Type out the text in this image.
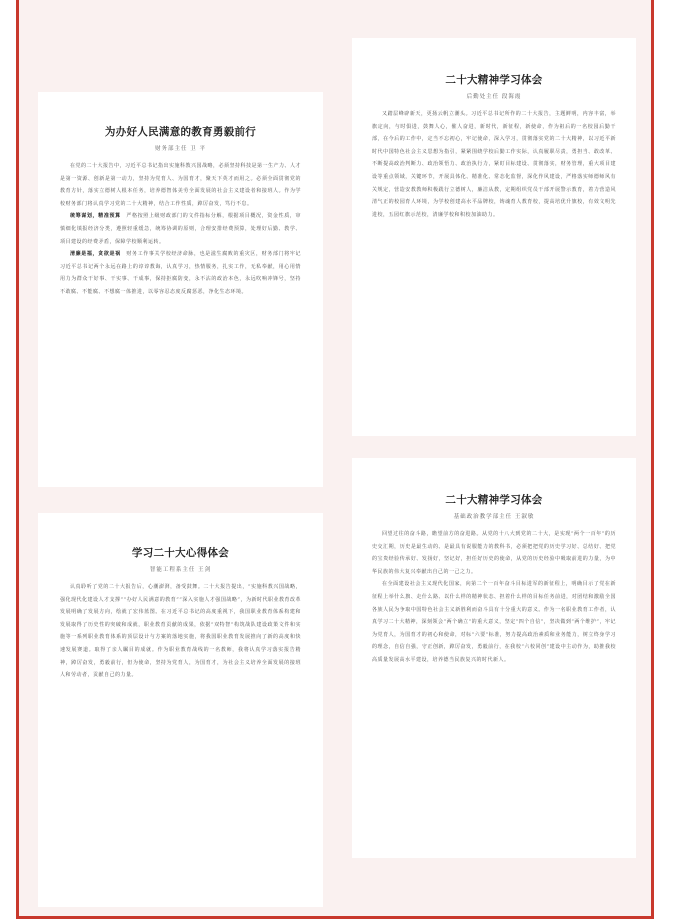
为办好人民满意的教育勇毅前行
财务部主任 卫 平

在党的二十大报告中，习近平总书记指出实施科教兴国战略，必须坚持科技是第一生产力、人才是第一资源、创新是第一动力，坚持为党育人、为国育才，聚天下英才而用之。必须全面贯彻党的教育方针，落实立德树人根本任务，培养德智体美劳全面发展的社会主义建设者和接班人。作为学校财务部门将认真学习党的二十大精神，结合工作性质，踔厉奋发，笃行不怠。

统筹谋划，精准预算  严格按照上级财政部门的文件指标分解，根据项目概况，资金性质，审慎细化填报经济分类，遵照轻重缓急，统筹协调的原则，合理安排经费预算，处理好后勤、教学、项目建设的经费矛盾，保障学校顺利运转。

清廉是福，贪欲是祸  财务工作事关学校经济命脉，也是滋生腐败的重灾区，财务部门将牢记习近平总书记两个永远在路上的谆谆教诲，认真学习，热情服务，扎实工作，无私奉献，用心用情用力为群众干好事、干实事、干成事，保持拒腐防变，永不沾的政治本色，永远吹响冲锋号，坚持不敢腐、不能腐、不想腐一体推进，以零容忍态度反腐惩恶，净化生态环境。

二十大精神学习体会
后勤处主任 段海霞

又踏层峰辟新天，更扬云帆立潮头。习近平总书记所作的二十大报告，主题鲜明，内容丰富，举旗定向，与时俱进，鼓舞人心，催人奋进，新时代，新征程，新使命，作为祖后的一名校园后勤干部，在今后的工作中，定当不忘初心，牢记使命，深入学习，贯彻落实党的二十大精神，以习近平新时代中国特色社会主义思想为指引，紧紧围绕学校后勤工作实际，认真履职尽责，勇担当、敢改革、不断提高政治判断力、政治领悟力、政治执行力，紧盯目标建设、贯彻落实，财务管理，重大项目建设等重点领域，关键环节，开展具体化、精准化、常态化监督，深化作风建设，严格落实师德师风有关规定，营造安教教师积极践行立德树人，廉洁从教，定期组织党员干部开展警示教育，着力营造风清气正的校园育人环境，为学校创建高水平品牌校，铸魂育人教育校，提高培优升旗校，有效文明先进校，五园红旗示范校，清廉学校和积校加油助力。

学习二十大心得体会
智能工程系主任 王剑

认真聆听了党的二十大报告后，心潮澎湃，备受鼓舞。二十大报告提出，“实施科教兴国战略，强化现代化建设人才支撑”“办好人民满意的教育”“深入实施人才强国战略”，为新时代职业教育改革发展明确了发展方向，绘就了宏伟蓝图。在习近平总书记的高度重视下，我国职业教育体系构建和发展取得了历史性的突破和成就，职业教育贡献的成果，依据“双特智”构筑战队建设政策文件和实施等一系列职业教育体系的顶层设计与方案的落地实施，将我国职业教育发展推向了新的高度和快速发展赛道。取得了亲人瞩目的成就。作为职业教育战线的一名教师，我将认真学习落实报告精神，踔厉奋发，勇毅前行，但为使命，坚持为党育人，为国育才，为社会主义培养全面发展的接班人和劳动者，贡献自己的力量。

二十大精神学习体会
基础政治教学部主任 王淑敏

回望过往的奋斗路，瞻望前方的奋进路。从党的十八大到党的二十大，是实现“两个一百年”的历史交汇期，历史是最生动的、是最具有说服能力的教科书，必须把把党的历史学习好、总结好、把党的宝贵经验传承好、发扬好，坚记好，担任好历史的使命，从党的历史经验中吸取前进的力量，为中华民族的伟大复兴奉献出自己的一己之力。

在全面建设社会主义现代化国家，向第二个一百年奋斗目标进军的新征程上，明确目示了党在新征程上举什么旗、走什么路、以什么样的精神状态、担着什么样的目标任务前进，对团结和激励全国各族人民为争取中国特色社会主义新胜利而奋斗具有十分重大的意义。作为一名职业教育工作者，认真学习二十大精神，深刻领会“两个确立”的重大意义，坚定“四个自信”，坚决做到“两个维护”，牢记为党育人，为国育才的初心和使命，对标“六要”标准，努力提高政治素质和业务能力，树立终身学习的理念，自信自强，守正创新，踔厉奋发，勇毅前行，在我校“六校同创”建设中主动作为，助推我校高质量发展高水平建设，培养德当民族复兴的时代新人。
